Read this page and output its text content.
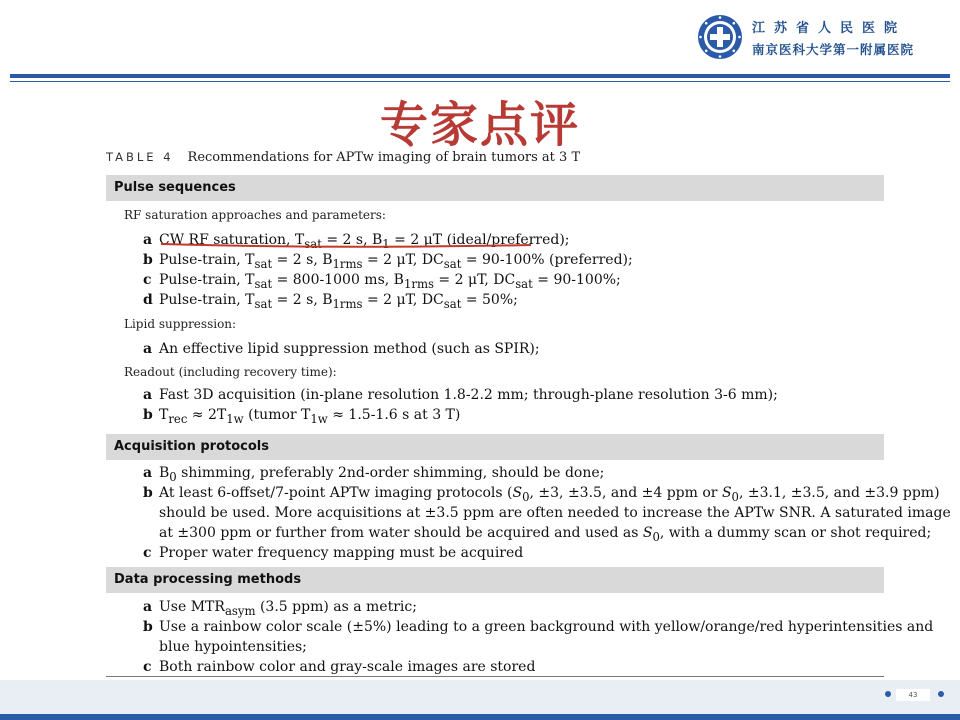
江苏省人民医院
南京医科大学第一附属医院
专家点评
TABLE 4 Recommendations for APTw imaging of brain tumors at 3 T
Pulse sequences
RF saturation approaches and parameters:
a CW RF saturation, $T_{sat} = 2$ s, $B_1 = 2$ μT (ideal/preferred);
b Pulse-train, $T_{sat} = 2$ s, $B_{1rms} = 2$ μT, $DC_{sat} = 90-100\%$ (preferred);
c Pulse-train, $T_{sat} = 800-1000$ ms, $B_{1rms} = 2$ μT, $DC_{sat} = 90-100\%$;
d Pulse-train, $T_{sat} = 2$ s, $B_{1rms} = 2$ μT, $DC_{sat} = 50\%$;
Lipid suppression:
a An effective lipid suppression method (such as SPIR);
Readout (including recovery time):
a Fast 3D acquisition (in-plane resolution 1.8-2.2 mm; through-plane resolution 3-6 mm);
b $T_{rec} \approx 2T_{1w}$ (tumor $T_{1w} \approx 1.5-1.6$ s at 3 T)
Acquisition protocols
a $B_0$ shimming, preferably 2nd-order shimming, should be done;
b At least 6-offset/7-point APTw imaging protocols ($S_0$, ±3, ±3.5, and ±4 ppm or $S_0$, ±3.1, ±3.5, and ±3.9 ppm)
should be used. More acquisitions at ±3.5 ppm are often needed to increase the APTw SNR. A saturated image
at ±300 ppm or further from water should be acquired and used as $S_0$, with a dummy scan or shot required;
c Proper water frequency mapping must be acquired
Data processing methods
a Use $MTR_{asym}$ (3.5 ppm) as a metric;
b Use a rainbow color scale (±5%) leading to a green background with yellow/orange/red hyperintensities and
blue hypointensities;
c Both rainbow color and gray-scale images are stored
43
